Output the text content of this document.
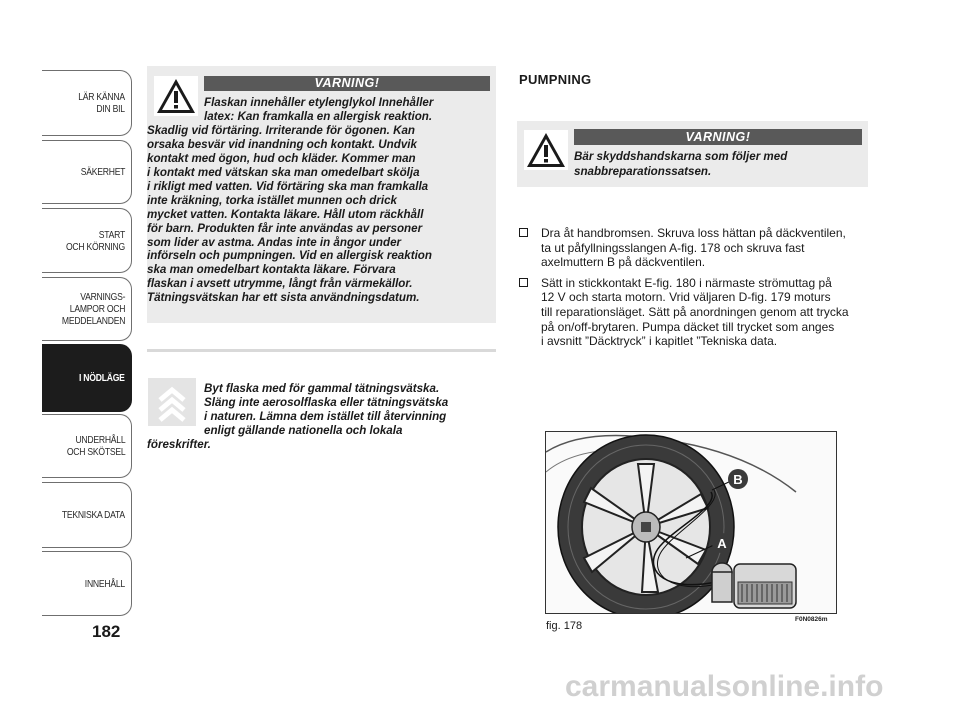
LÄR KÄNNA
DIN BIL
SÄKERHET
START
OCH KÖRNING
VARNINGS-
LAMPOR OCH
MEDDELANDEN
I NÖDLÄGE
UNDERHÅLL
OCH SKÖTSEL
TEKNISKA DATA
INNEHÅLL
182
VARNING!
Flaskan innehåller etylenglykol Innehåller
latex: Kan framkalla en allergisk reaktion.
Skadlig vid förtäring. Irriterande för ögonen. Kan
orsaka besvär vid inandning och kontakt. Undvik
kontakt med ögon, hud och kläder. Kommer man
i kontakt med vätskan ska man omedelbart skölja
i rikligt med vatten. Vid förtäring ska man framkalla
inte kräkning, torka istället munnen och drick
mycket vatten. Kontakta läkare. Håll utom räckhåll
för barn. Produkten får inte användas av personer
som lider av astma. Andas inte in ångor under
införseln och pumpningen. Vid en allergisk reaktion
ska man omedelbart kontakta läkare. Förvara
flaskan i avsett utrymme, långt från värmekällor.
Tätningsvätskan har ett sista användningsdatum.
Byt flaska med för gammal tätningsvätska.
Släng inte aerosolflaska eller tätningsvätska
i naturen. Lämna dem istället till återvinning
enligt gällande nationella och lokala
föreskrifter.
PUMPNING
VARNING!
Bär skyddshandskarna som följer med
snabbreparationssatsen.
Dra åt handbromsen. Skruva loss hättan på däckventilen,
ta ut påfyllningsslangen A-fig. 178 och skruva fast
axelmuttern B på däckventilen.
Sätt in stickkontakt E-fig. 180 i närmaste strömuttag på
12 V och starta motorn. Vrid väljaren D-fig. 179 moturs
till reparationsläget. Sätt på anordningen genom att trycka
på on/off-brytaren. Pumpa däcket till trycket som anges
i avsnitt ”Däcktryck” i kapitlet ”Tekniska data.
B
A
fig. 178
F0N0826m
carmanualsonline.info
